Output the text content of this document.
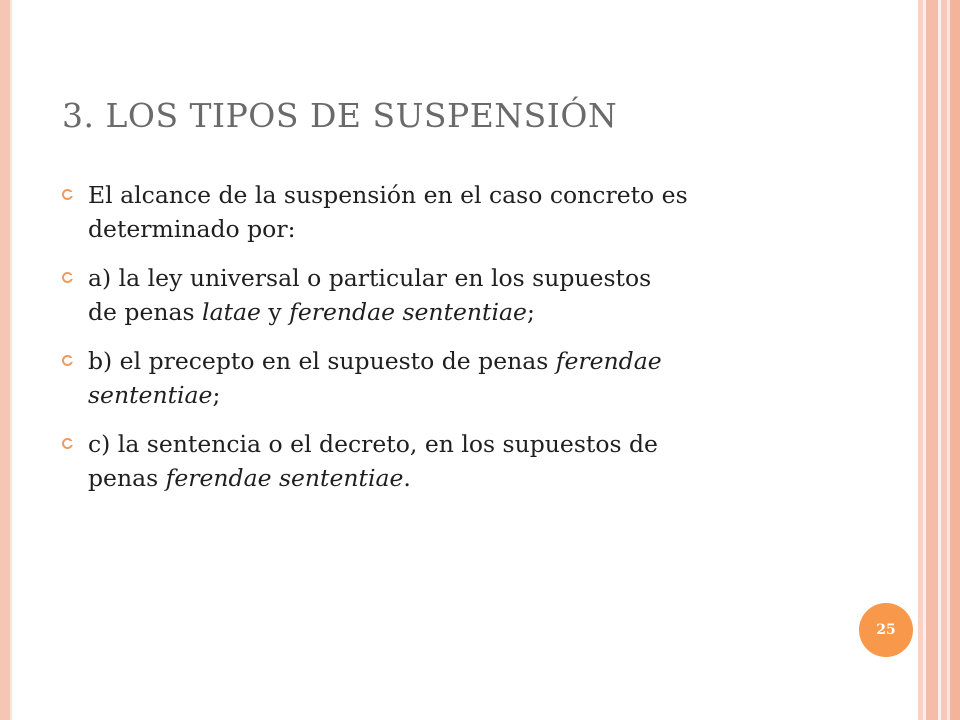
3. LOS TIPOS DE SUSPENSIÓN
El alcance de la suspensión en el caso concreto es
determinado por:
a) la ley universal o particular en los supuestos
de penas latae y ferendae sententiae;
b) el precepto en el supuesto de penas ferendae
sententiae;
c) la sentencia o el decreto, en los supuestos de
penas ferendae sententiae.
25
